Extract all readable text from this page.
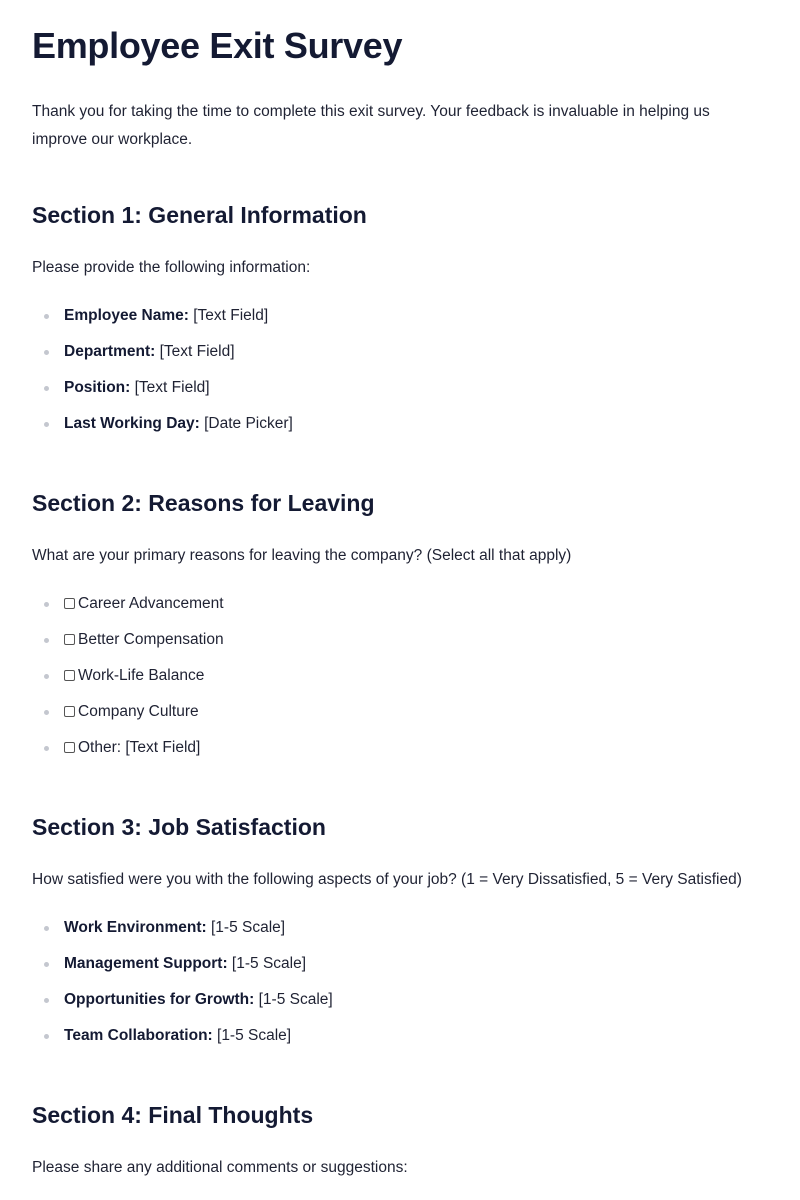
Employee Exit Survey

Thank you for taking the time to complete this exit survey. Your feedback is invaluable in helping us improve our workplace.

Section 1: General Information

Please provide the following information:

Employee Name: [Text Field]
Department: [Text Field]
Position: [Text Field]
Last Working Day: [Date Picker]
Section 2: Reasons for Leaving

What are your primary reasons for leaving the company? (Select all that apply)

Career Advancement
Better Compensation
Work-Life Balance
Company Culture
Other: [Text Field]
Section 3: Job Satisfaction

How satisfied were you with the following aspects of your job? (1 = Very Dissatisfied, 5 = Very Satisfied)

Work Environment: [1-5 Scale]
Management Support: [1-5 Scale]
Opportunities for Growth: [1-5 Scale]
Team Collaboration: [1-5 Scale]
Section 4: Final Thoughts

Please share any additional comments or suggestions:
